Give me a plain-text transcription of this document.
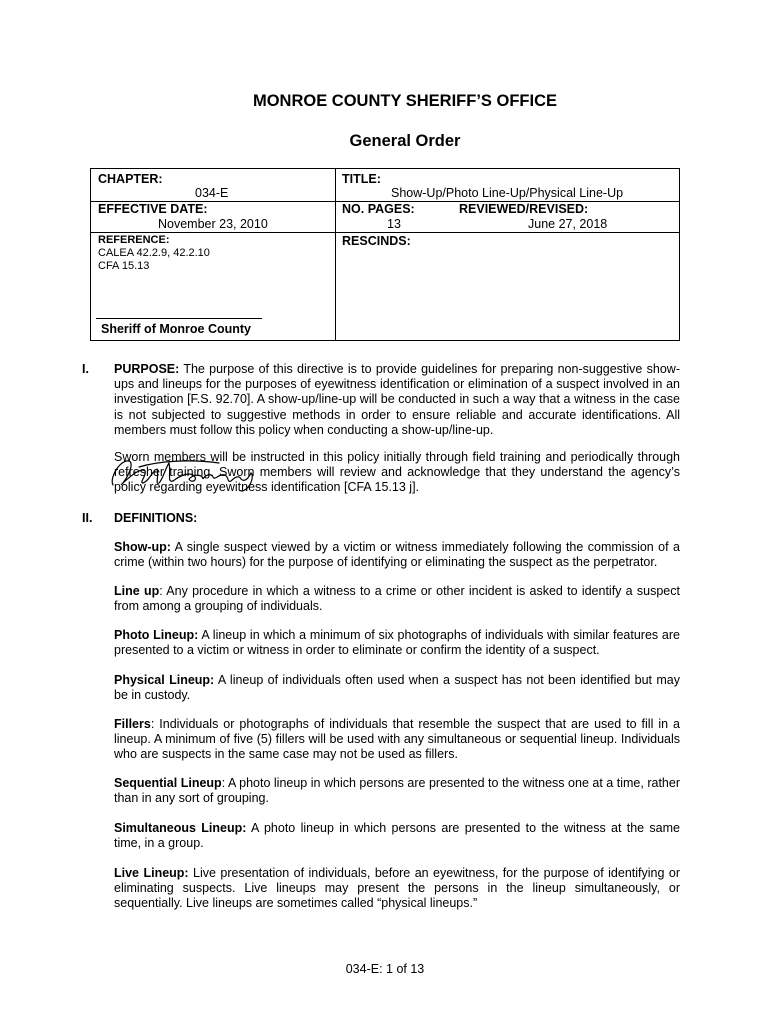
MONROE COUNTY SHERIFF’S OFFICE
General Order
CHAPTER:
034-E
TITLE:
Show-Up/Photo Line-Up/Physical Line-Up
EFFECTIVE DATE:
November 23, 2010
NO. PAGES:
13
REVIEWED/REVISED:
June 27, 2018
REFERENCE:
CALEA 42.2.9, 42.2.10
CFA 15.13
RESCINDS:
Sheriff of Monroe County
I. PURPOSE: The purpose of this directive is to provide guidelines for preparing non-suggestive show-ups and lineups for the purposes of eyewitness identification or elimination of a suspect involved in an investigation [F.S. 92.70]. A show-up/line-up will be conducted in such a way that a witness in the case is not subjected to suggestive methods in order to ensure reliable and accurate identifications. All members must follow this policy when conducting a show-up/line-up.
Sworn members will be instructed in this policy initially through field training and periodically through refresher training. Sworn members will review and acknowledge that they understand the agency’s policy regarding eyewitness identification [CFA 15.13 j].
II. DEFINITIONS:
Show-up: A single suspect viewed by a victim or witness immediately following the commission of a crime (within two hours) for the purpose of identifying or eliminating the suspect as the perpetrator.
Line up: Any procedure in which a witness to a crime or other incident is asked to identify a suspect from among a grouping of individuals.
Photo Lineup: A lineup in which a minimum of six photographs of individuals with similar features are presented to a victim or witness in order to eliminate or confirm the identity of a suspect.
Physical Lineup: A lineup of individuals often used when a suspect has not been identified but may be in custody.
Fillers: Individuals or photographs of individuals that resemble the suspect that are used to fill in a lineup. A minimum of five (5) fillers will be used with any simultaneous or sequential lineup. Individuals who are suspects in the same case may not be used as fillers.
Sequential Lineup: A photo lineup in which persons are presented to the witness one at a time, rather than in any sort of grouping.
Simultaneous Lineup: A photo lineup in which persons are presented to the witness at the same time, in a group.
Live Lineup: Live presentation of individuals, before an eyewitness, for the purpose of identifying or eliminating suspects. Live lineups may present the persons in the lineup simultaneously, or sequentially. Live lineups are sometimes called “physical lineups.”
034-E: 1 of 13
